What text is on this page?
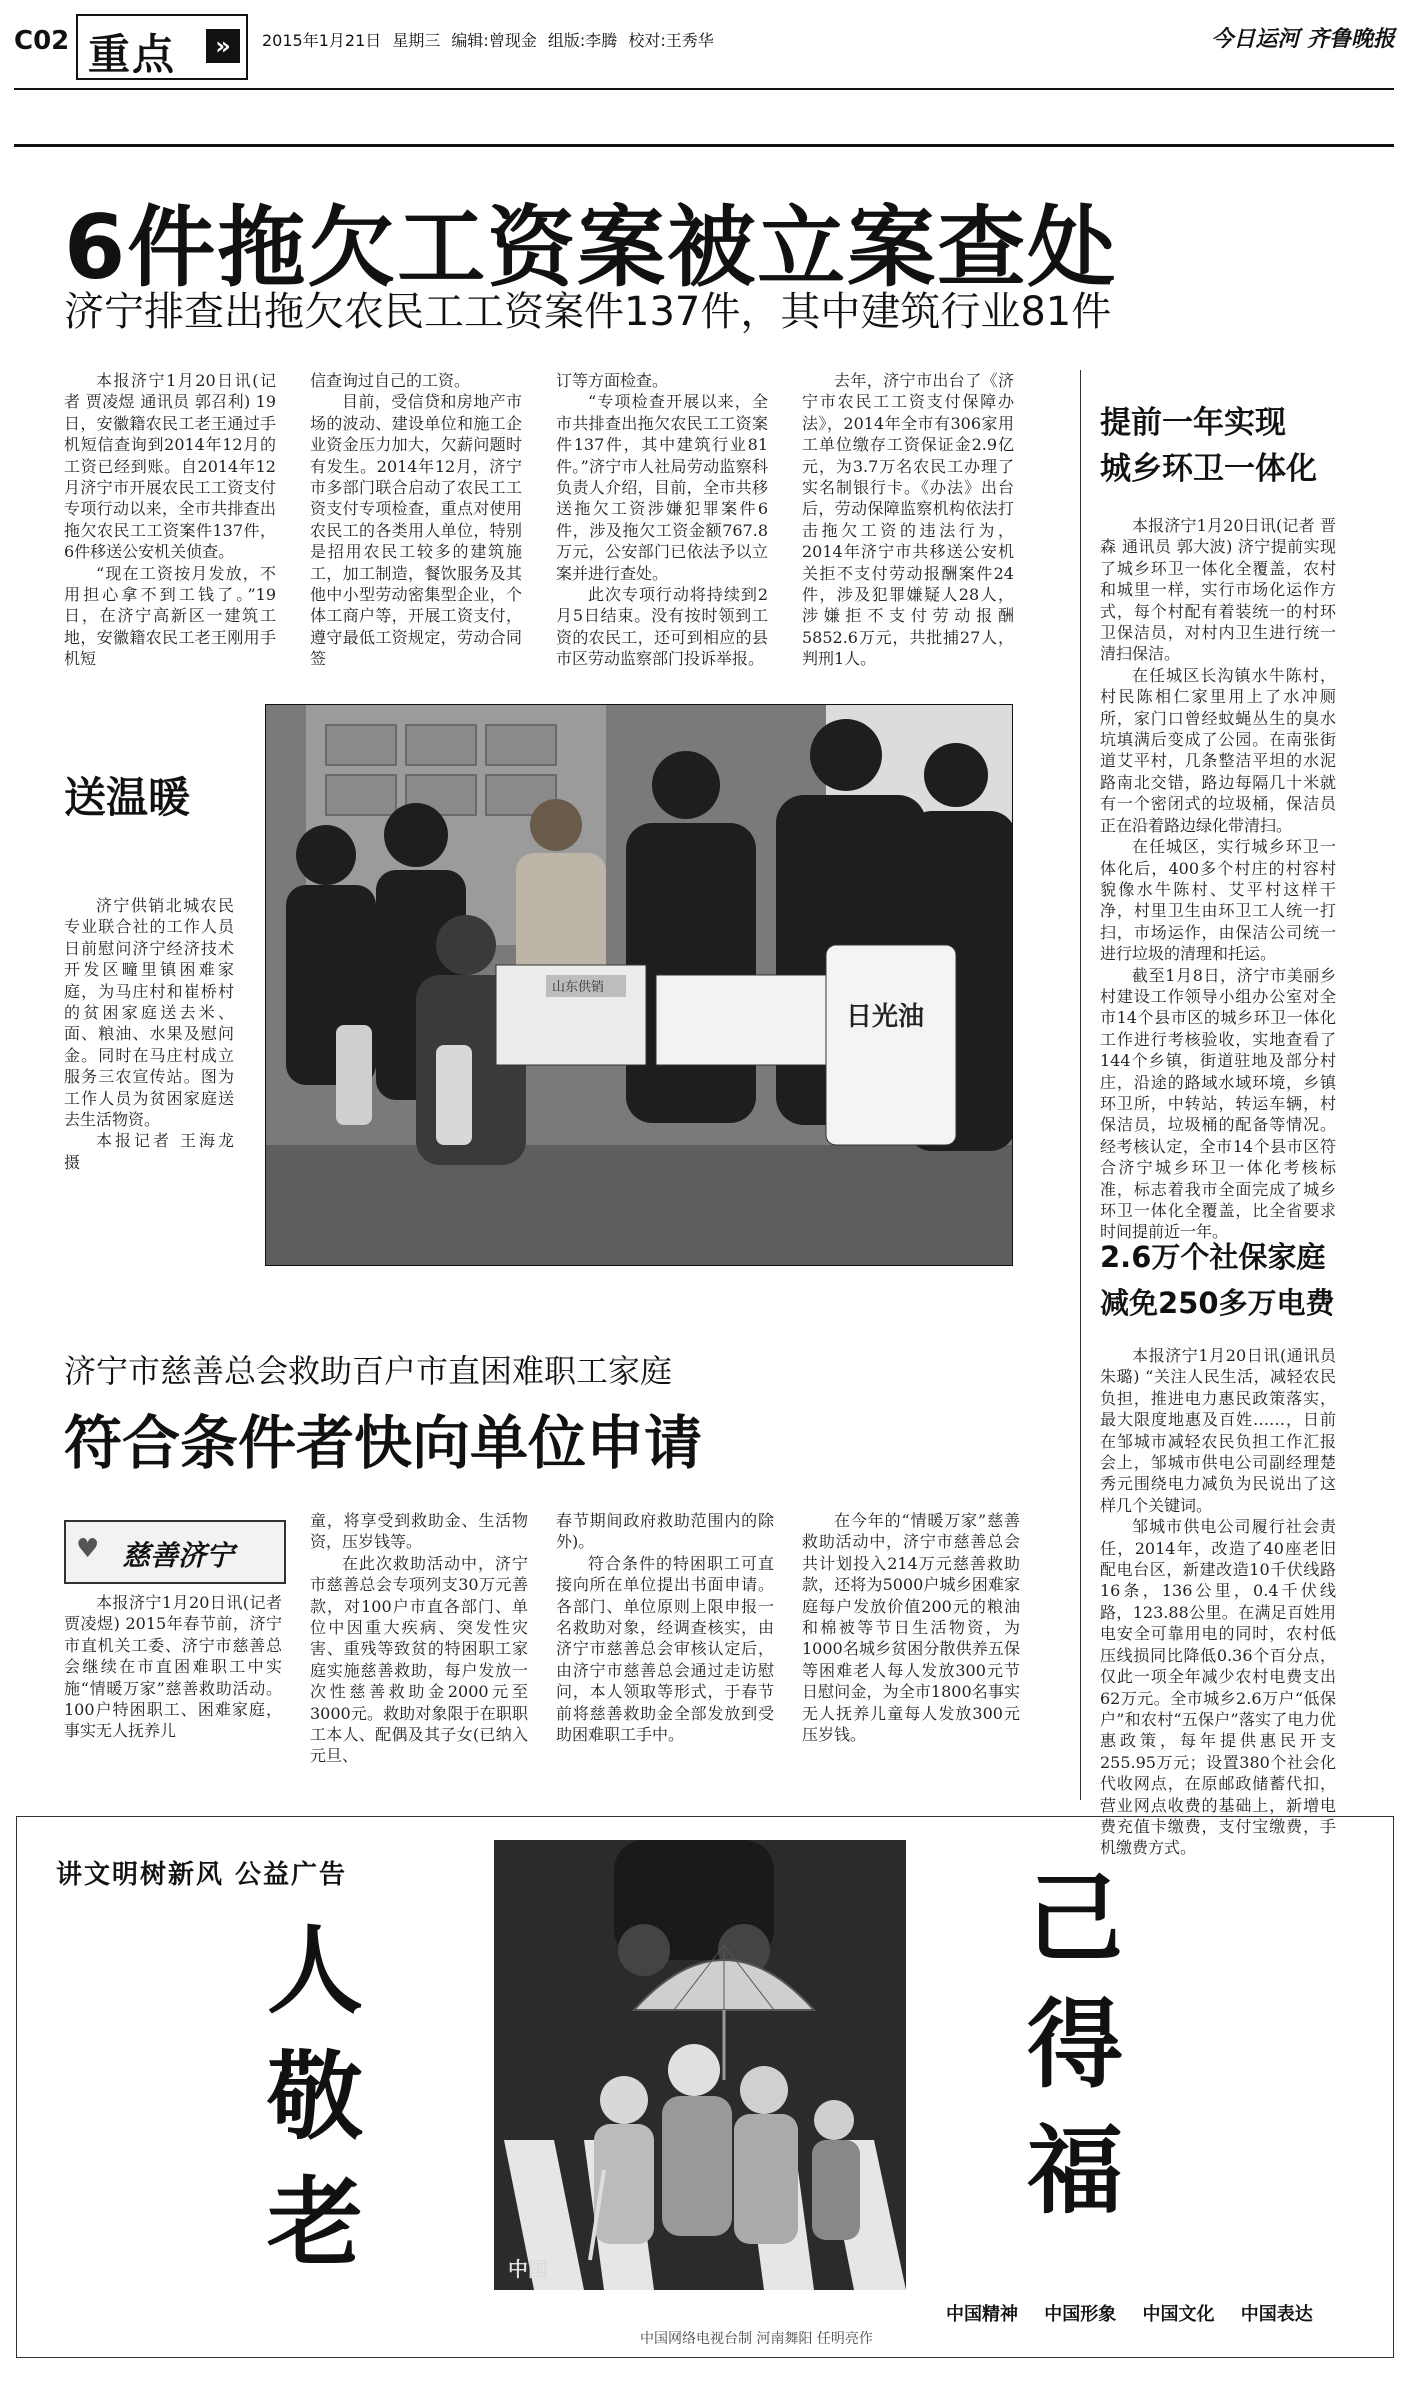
C02 重点	»	2015年1月21日 星期三 编辑:曾现金 组版:李腾 校对:王秀华	今日运河 齐鲁晚报
6件拖欠工资案被立案查处
济宁排查出拖欠农民工工资案件137件，其中建筑行业81件

本报济宁1月20日讯(记者 贾凌煜 通讯员 郭召利) 19日，安徽籍农民工老王通过手机短信查询到2014年12月的工资已经到账。自2014年12月济宁市开展农民工工资支付专项行动以来，全市共排查出拖欠农民工工资案件137件，6件移送公安机关侦查。

“现在工资按月发放，不用担心拿不到工钱了。”19日，在济宁高新区一建筑工地，安徽籍农民工老王刚用手机短

信查询过自己的工资。

目前，受信贷和房地产市场的波动、建设单位和施工企业资金压力加大，欠薪问题时有发生。2014年12月，济宁市多部门联合启动了农民工工资支付专项检查，重点对使用农民工的各类用人单位，特别是招用农民工较多的建筑施工，加工制造，餐饮服务及其他中小型劳动密集型企业，个体工商户等，开展工资支付，遵守最低工资规定，劳动合同签

订等方面检查。

“专项检查开展以来，全市共排查出拖欠农民工工资案件137件，其中建筑行业81件。”济宁市人社局劳动监察科负责人介绍，目前，全市共移送拖欠工资涉嫌犯罪案件6件，涉及拖欠工资金额767.8万元，公安部门已依法予以立案并进行查处。

此次专项行动将持续到2月5日结束。没有按时领到工资的农民工，还可到相应的县市区劳动监察部门投诉举报。

去年，济宁市出台了《济宁市农民工工资支付保障办法》，2014年全市有306家用工单位缴存工资保证金2.9亿元，为3.7万名农民工办理了实名制银行卡。《办法》出台后，劳动保障监察机构依法打击拖欠工资的违法行为，2014年济宁市共移送公安机关拒不支付劳动报酬案件24件，涉及犯罪嫌疑人28人，涉嫌拒不支付劳动报酬5852.6万元，共批捕27人，判刑1人。

送温暖

济宁供销北城农民专业联合社的工作人员日前慰问济宁经济技术开发区疃里镇困难家庭，为马庄村和崔桥村的贫困家庭送去米、面、粮油、水果及慰问金。同时在马庄村成立服务三农宣传站。图为工作人员为贫困家庭送去生活物资。

本报记者 王海龙 摄

山东供销
日光油
提前一年实现
城乡环卫一体化

本报济宁1月20日讯(记者 晋森 通讯员 郭大波) 济宁提前实现了城乡环卫一体化全覆盖，农村和城里一样，实行市场化运作方式，每个村配有着装统一的村环卫保洁员，对村内卫生进行统一清扫保洁。

在任城区长沟镇水牛陈村，村民陈相仁家里用上了水冲厕所，家门口曾经蚊蝇丛生的臭水坑填满后变成了公园。在南张街道艾平村，几条整洁平坦的水泥路南北交错，路边每隔几十米就有一个密闭式的垃圾桶，保洁员正在沿着路边绿化带清扫。

在任城区，实行城乡环卫一体化后，400多个村庄的村容村貌像水牛陈村、艾平村这样干净，村里卫生由环卫工人统一打扫，市场运作，由保洁公司统一进行垃圾的清理和托运。

截至1月8日，济宁市美丽乡村建设工作领导小组办公室对全市14个县市区的城乡环卫一体化工作进行考核验收，实地查看了144个乡镇，街道驻地及部分村庄，沿途的路域水域环境，乡镇环卫所，中转站，转运车辆，村保洁员，垃圾桶的配备等情况。经考核认定，全市14个县市区符合济宁城乡环卫一体化考核标准，标志着我市全面完成了城乡环卫一体化全覆盖，比全省要求时间提前近一年。

2.6万个社保家庭
减免250多万电费

本报济宁1月20日讯(通讯员 朱璐) “关注人民生活，减轻农民负担，推进电力惠民政策落实，最大限度地惠及百姓……，日前在邹城市减轻农民负担工作汇报会上，邹城市供电公司副经理楚秀元围绕电力减负为民说出了这样几个关键词。

邹城市供电公司履行社会责任，2014年，改造了40座老旧配电台区，新建改造10千伏线路16条，136公里，0.4千伏线路，123.88公里。在满足百姓用电安全可靠用电的同时，农村低压线损同比降低0.36个百分点，仅此一项全年减少农村电费支出62万元。全市城乡2.6万户“低保户”和农村“五保户”落实了电力优惠政策，每年提供惠民开支255.95万元；设置380个社会化代收网点，在原邮政储蓄代扣，营业网点收费的基础上，新增电费充值卡缴费，支付宝缴费，手机缴费方式。

济宁市慈善总会救助百户市直困难职工家庭
符合条件者快向单位申请
♥ 慈善济宁

本报济宁1月20日讯(记者 贾凌煜) 2015年春节前，济宁市直机关工委、济宁市慈善总会继续在市直困难职工中实施“情暖万家”慈善救助活动。100户特困职工、困难家庭，事实无人抚养儿

童，将享受到救助金、生活物资，压岁钱等。

在此次救助活动中，济宁市慈善总会专项列支30万元善款，对100户市直各部门、单位中因重大疾病、突发性灾害、重残等致贫的特困职工家庭实施慈善救助，每户发放一次性慈善救助金2000元至3000元。救助对象限于在职职工本人、配偶及其子女(已纳入元旦、

春节期间政府救助范围内的除外)。

符合条件的特困职工可直接向所在单位提出书面申请。各部门、单位原则上限申报一名救助对象，经调查核实，由济宁市慈善总会审核认定后，由济宁市慈善总会通过走访慰问，本人领取等形式，于春节前将慈善救助金全部发放到受助困难职工手中。

在今年的“情暖万家”慈善救助活动中，济宁市慈善总会共计划投入214万元慈善救助款，还将为5000户城乡困难家庭每户发放价值200元的粮油和棉被等节日生活物资，为1000名城乡贫困分散供养五保等困难老人每人发放300元节日慰问金，为全市1800名事实无人抚养儿童每人发放300元压岁钱。

讲文明树新风 公益广告
人
敬
老
己
得
福
中国
中国精神 中国形象 中国文化 中国表达
中国网络电视台制 河南舞阳 任明亮作
